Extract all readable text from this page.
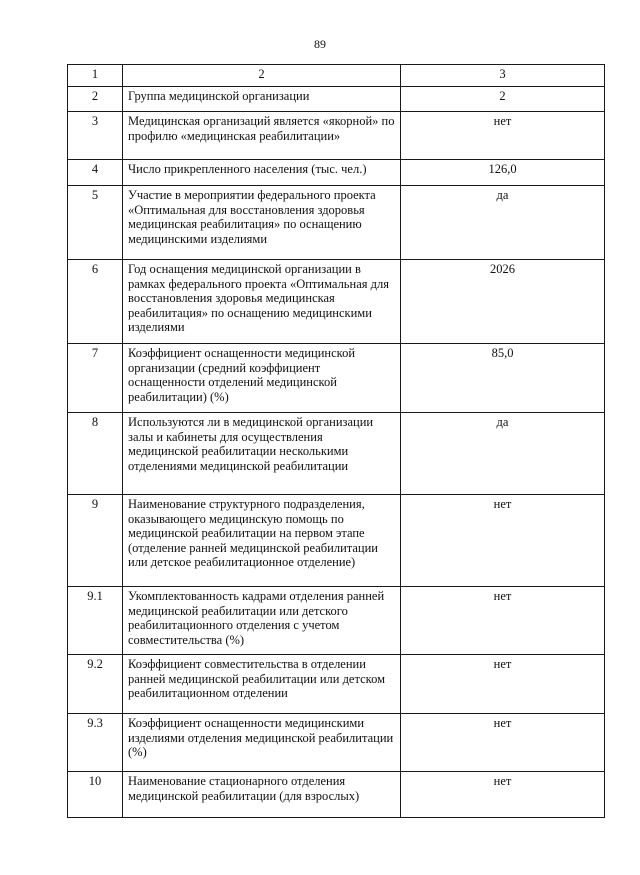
89
1	2	3
2	Группа медицинской организации	2
3	Медицинская организаций является «якорной» по профилю «медицинская реабилитации»	нет
4	Число прикрепленного населения (тыс. чел.)	126,0
5	Участие в мероприятии федерального проекта «Оптимальная для восстановления здоровья медицинская реабилитация» по оснащению медицинскими изделиями	да
6	Год оснащения медицинской организации в рамках федерального проекта «Оптимальная для восстановления здоровья медицинская реабилитация» по оснащению медицинскими изделиями	2026
7	Коэффициент оснащенности медицинской организации (средний коэффициент оснащенности отделений медицинской реабилитации) (%)	85,0
8	Используются ли в медицинской организации залы и кабинеты для осуществления медицинской реабилитации несколькими отделениями медицинской реабилитации	да
9	Наименование структурного подразделения, оказывающего медицинскую помощь по медицинской реабилитации на первом этапе (отделение ранней медицинской реабилитации или детское реабилитационное отделение)	нет
9.1	Укомплектованность кадрами отделения ранней медицинской реабилитации или детского реабилитационного отделения с учетом совместительства (%)	нет
9.2	Коэффициент совместительства в отделении ранней медицинской реабилитации или детском реабилитационном отделении	нет
9.3	Коэффициент оснащенности медицинскими изделиями отделения медицинской реабилитации (%)	нет
10	Наименование стационарного отделения медицинской реабилитации (для взрослых)	нет
